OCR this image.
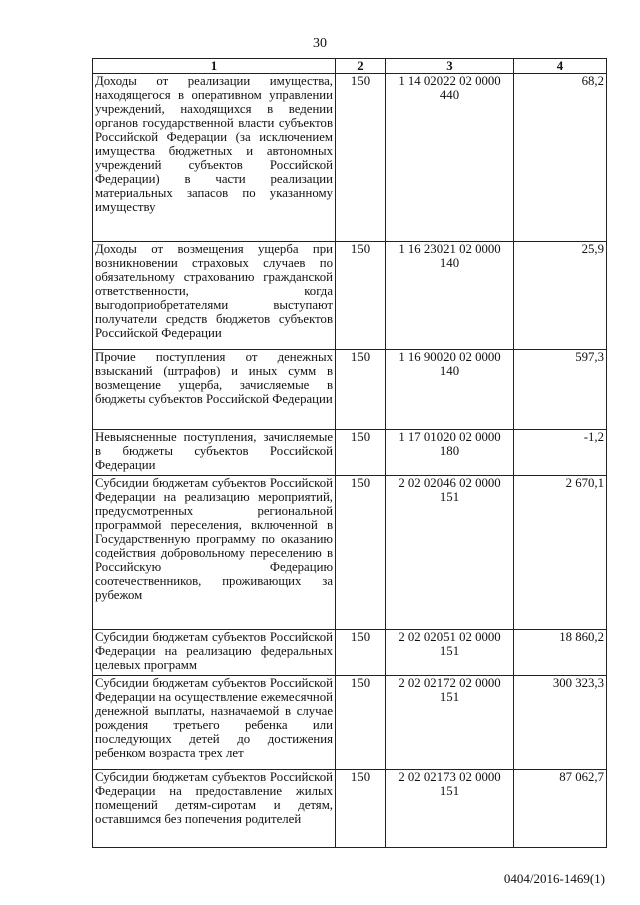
30
1	2	3	4
Доходы от реализации имущества, находящегося в оперативном управлении учреждений, находящихся в ведении органов государственной власти субъектов Российской Федерации (за исключением имущества бюджетных и автономных учреждений субъектов Российской Федерации) в части реализации материальных запасов по указанному имуществу	150	1 14 02022 02 0000 440	68,2
Доходы от возмещения ущерба при возникновении страховых случаев по обязательному страхованию гражданской ответственности, когда выгодоприобретателями выступают получатели средств бюджетов субъектов Российской Федерации	150	1 16 23021 02 0000 140	25,9
Прочие поступления от денежных взысканий (штрафов) и иных сумм в возмещение ущерба, зачисляемые в бюджеты субъектов Российской Федерации	150	1 16 90020 02 0000 140	597,3
Невыясненные поступления, зачисляемые в бюджеты субъектов Российской Федерации	150	1 17 01020 02 0000 180	-1,2
Субсидии бюджетам субъектов Российской Федерации на реализацию мероприятий, предусмотренных региональной программой переселения, включенной в Государственную программу по оказанию содействия добровольному переселению в Российскую Федерацию соотечественников, проживающих за рубежом	150	2 02 02046 02 0000 151	2 670,1
Субсидии бюджетам субъектов Российской Федерации на реализацию федеральных целевых программ	150	2 02 02051 02 0000 151	18 860,2
Субсидии бюджетам субъектов Российской Федерации на осуществление ежемесячной денежной выплаты, назначаемой в случае рождения третьего ребенка или последующих детей до достижения ребенком возраста трех лет	150	2 02 02172 02 0000 151	300 323,3
Субсидии бюджетам субъектов Российской Федерации на предоставление жилых помещений детям-сиротам и детям, оставшимся без попечения родителей	150	2 02 02173 02 0000 151	87 062,7
0404/2016-1469(1)
